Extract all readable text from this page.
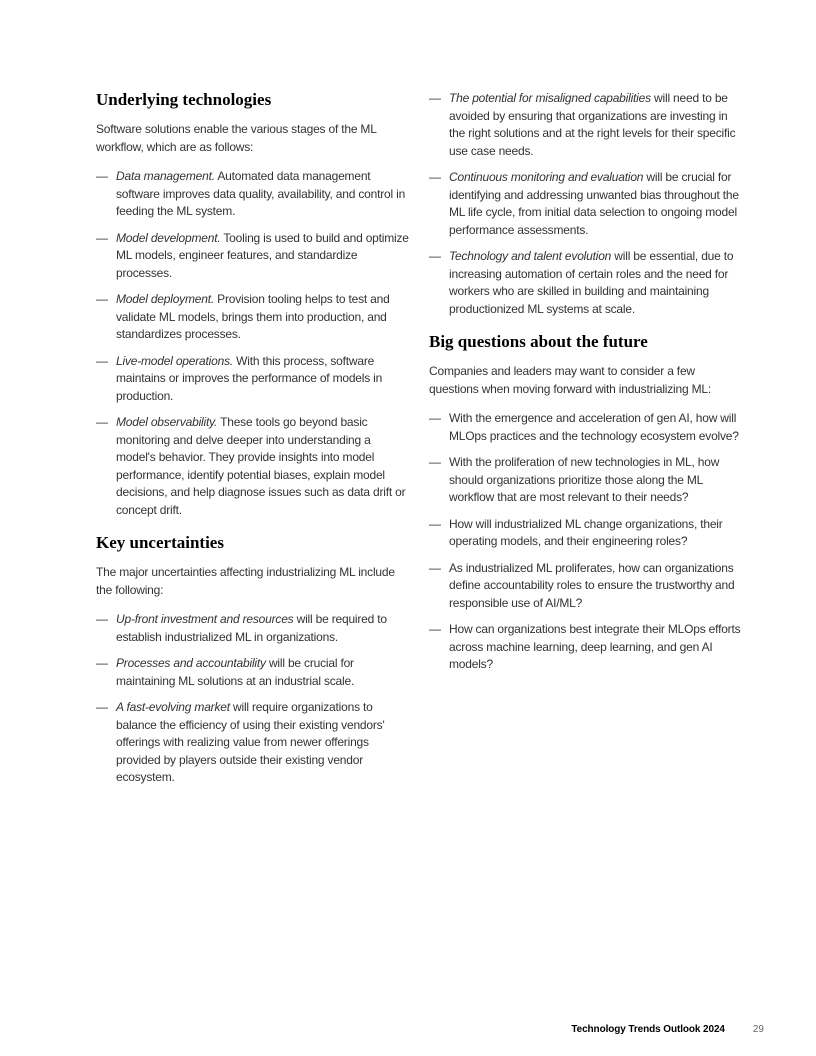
Underlying technologies

Software solutions enable the various stages of the ML workflow, which are as follows:

— Data management. Automated data management software improves data quality, availability, and control in feeding the ML system.
— Model development. Tooling is used to build and optimize ML models, engineer features, and standardize processes.
— Model deployment. Provision tooling helps to test and validate ML models, brings them into production, and standardizes processes.
— Live-model operations. With this process, software maintains or improves the performance of models in production.
— Model observability. These tools go beyond basic monitoring and delve deeper into understanding a model's behavior. They provide insights into model performance, identify potential biases, explain model decisions, and help diagnose issues such as data drift or concept drift.
Key uncertainties

The major uncertainties affecting industrializing ML include the following:

— Up-front investment and resources will be required to establish industrialized ML in organizations.
— Processes and accountability will be crucial for maintaining ML solutions at an industrial scale.
— A fast-evolving market will require organizations to balance the efficiency of using their existing vendors' offerings with realizing value from newer offerings provided by players outside their existing vendor ecosystem.
— The potential for misaligned capabilities will need to be avoided by ensuring that organizations are investing in the right solutions and at the right levels for their specific use case needs.
— Continuous monitoring and evaluation will be crucial for identifying and addressing unwanted bias throughout the ML life cycle, from initial data selection to ongoing model performance assessments.
— Technology and talent evolution will be essential, due to increasing automation of certain roles and the need for workers who are skilled in building and maintaining productionized ML systems at scale.
Big questions about the future

Companies and leaders may want to consider a few questions when moving forward with industrializing ML:

— With the emergence and acceleration of gen AI, how will MLOps practices and the technology ecosystem evolve?
— With the proliferation of new technologies in ML, how should organizations prioritize those along the ML workflow that are most relevant to their needs?
— How will industrialized ML change organizations, their operating models, and their engineering roles?
— As industrialized ML proliferates, how can organizations define accountability roles to ensure the trustworthy and responsible use of AI/ML?
— How can organizations best integrate their MLOps efforts across machine learning, deep learning, and gen AI models?
Technology Trends Outlook 2024	29
